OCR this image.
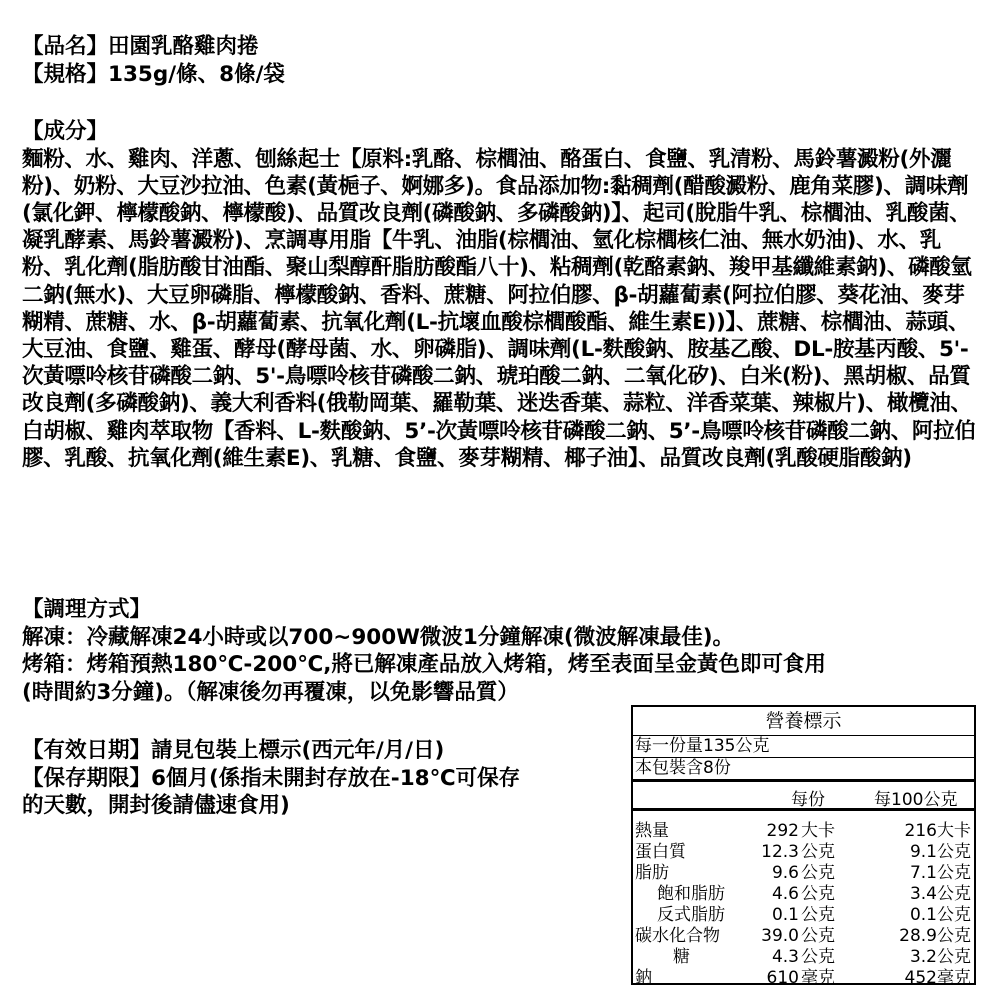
【品名】田園乳酪雞肉捲
【規格】135g/條、8條/袋
【成分】
麵粉、水、雞肉、洋蔥、刨絲起士【原料:乳酪、棕櫚油、酪蛋白、食鹽、乳清粉、馬鈴薯澱粉(外灑粉)、奶粉、大豆沙拉油、色素(黃梔子、婀娜多)。食品添加物:黏稠劑(醋酸澱粉、鹿角菜膠)、調味劑(氯化鉀、檸檬酸鈉、檸檬酸)、品質改良劑(磷酸鈉、多磷酸鈉)】、起司(脫脂牛乳、棕櫚油、乳酸菌、凝乳酵素、馬鈴薯澱粉)、烹調專用脂【牛乳、油脂(棕櫚油、氫化棕櫚核仁油、無水奶油)、水、乳粉、乳化劑(脂肪酸甘油酯、聚山梨醇酐脂肪酸酯八十)、粘稠劑(乾酪素鈉、羧甲基纖維素鈉)、磷酸氫二鈉(無水)、大豆卵磷脂、檸檬酸鈉、香料、蔗糖、阿拉伯膠、β-胡蘿蔔素(阿拉伯膠、葵花油、麥芽糊精、蔗糖、水、β-胡蘿蔔素、抗氧化劑(L-抗壞血酸棕櫚酸酯、維生素E))】、蔗糖、棕櫚油、蒜頭、大豆油、食鹽、雞蛋、酵母(酵母菌、水、卵磷脂)、調味劑(L-麩酸鈉、胺基乙酸、DL-胺基丙酸、5'-次黃嘌呤核苷磷酸二鈉、5'-鳥嘌呤核苷磷酸二鈉、琥珀酸二鈉、二氧化矽)、白米(粉)、黑胡椒、品質改良劑(多磷酸鈉)、義大利香料(俄勒岡葉、羅勒葉、迷迭香葉、蒜粒、洋香菜葉、辣椒片)、橄欖油、白胡椒、雞肉萃取物【香料、L-麩酸鈉、5’-次黃嘌呤核苷磷酸二鈉、5’-鳥嘌呤核苷磷酸二鈉、阿拉伯膠、乳酸、抗氧化劑(維生素E)、乳糖、食鹽、麥芽糊精、椰子油】、品質改良劑(乳酸硬脂酸鈉)
【調理方式】
解凍：冷藏解凍24小時或以700~900W微波1分鐘解凍(微波解凍最佳)。
烤箱：烤箱預熱180℃-200℃,將已解凍產品放入烤箱，烤至表面呈金黃色即可食用
(時間約3分鐘)。（解凍後勿再覆凍，以免影響品質）
【有效日期】請見包裝上標示(西元年/月/日)
【保存期限】6個月(係指未開封存放在-18℃可保存
的天數，開封後請儘速食用)
營養標示
每一份量135公克
本包裝含8份
每份	每100公克
熱量	292 大卡	216 大卡
蛋白質	12.3 公克	9.1 公克
脂肪	9.6 公克	7.1 公克
飽和脂肪	4.6 公克	3.4 公克
反式脂肪	0.1 公克	0.1 公克
碳水化合物 39.0 公克	28.9 公克
糖	4.3 公克	3.2 公克
鈉	610 毫克	452 毫克
